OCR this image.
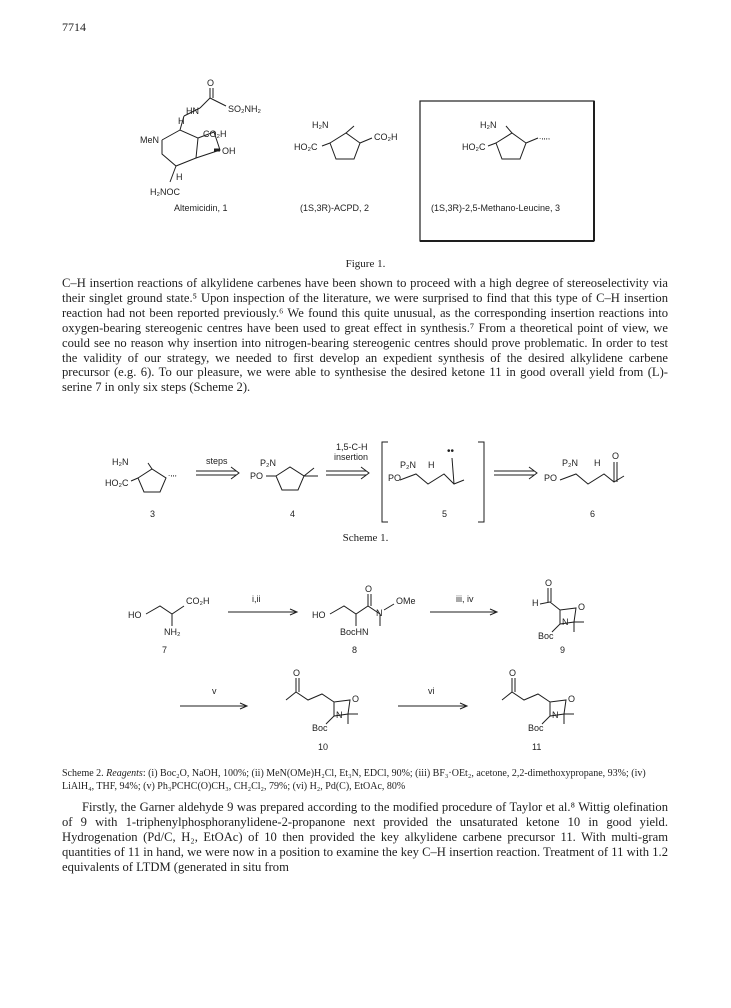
7714
O
HN
H
SO₂NH₂
MeN
CO₂H
OH
H
H₂NOC
Altemicidin, 1
H₂N
CO₂H
HO₂C
(1S,3R)-ACPD, 2
H₂N
HO₂C
.,,,,
(1S,3R)-2,5-Methano-Leucine, 3
Figure 1.

C–H insertion reactions of alkylidene carbenes have been shown to proceed with a high degree of stereoselectivity via their singlet ground state.⁵ Upon inspection of the literature, we were surprised to find that this type of C–H insertion reaction had not been reported previously.⁶ We found this quite unusual, as the corresponding insertion reactions into oxygen-bearing stereogenic centres have been used to great effect in synthesis.⁷ From a theoretical point of view, we could see no reason why insertion into nitrogen-bearing stereogenic centres should prove problematic. In order to test the validity of our strategy, we needed to first develop an expedient synthesis of the desired alkylidene carbene precursor (e.g. 6). To our pleasure, we were able to synthesise the desired ketone 11 in good overall yield from (L)-serine 7 in only six steps (Scheme 2).

H₂N
HO₂C
.,,,
3
steps	P₂N
PO
4
1,5-C-H
insertion
P₂N H
PO
••
5
P₂N H
O
PO
6
Scheme 1.
CO₂H
HO
NH₂
7
i,ii
O
HO
OMe
N
BocHN
8
iii, iv
O
H	O
N
Boc
9
v
O
O
N
Boc
10
vi
O
O
N
Boc
11
Scheme 2. Reagents: (i) Boc₂O, NaOH, 100%; (ii) MeN(OMe)H₂Cl, Et₃N, EDCl, 90%; (iii) BF₃·OEt₂, acetone, 2,2-dimethoxypropane, 93%; (iv) LiAlH₄, THF, 94%; (v) Ph₃PCHC(O)CH₃, CH₂Cl₂, 79%; (vi) H₂, Pd(C), EtOAc, 80%

Firstly, the Garner aldehyde 9 was prepared according to the modified procedure of Taylor et al.⁸ Wittig olefination of 9 with 1-triphenylphosphoranylidene-2-propanone next provided the unsaturated ketone 10 in good yield. Hydrogenation (Pd/C, H₂, EtOAc) of 10 then provided the key alkylidene carbene precursor 11. With multi-gram quantities of 11 in hand, we were now in a position to examine the key C–H insertion reaction. Treatment of 11 with 1.2 equivalents of LTDM (generated in situ from
